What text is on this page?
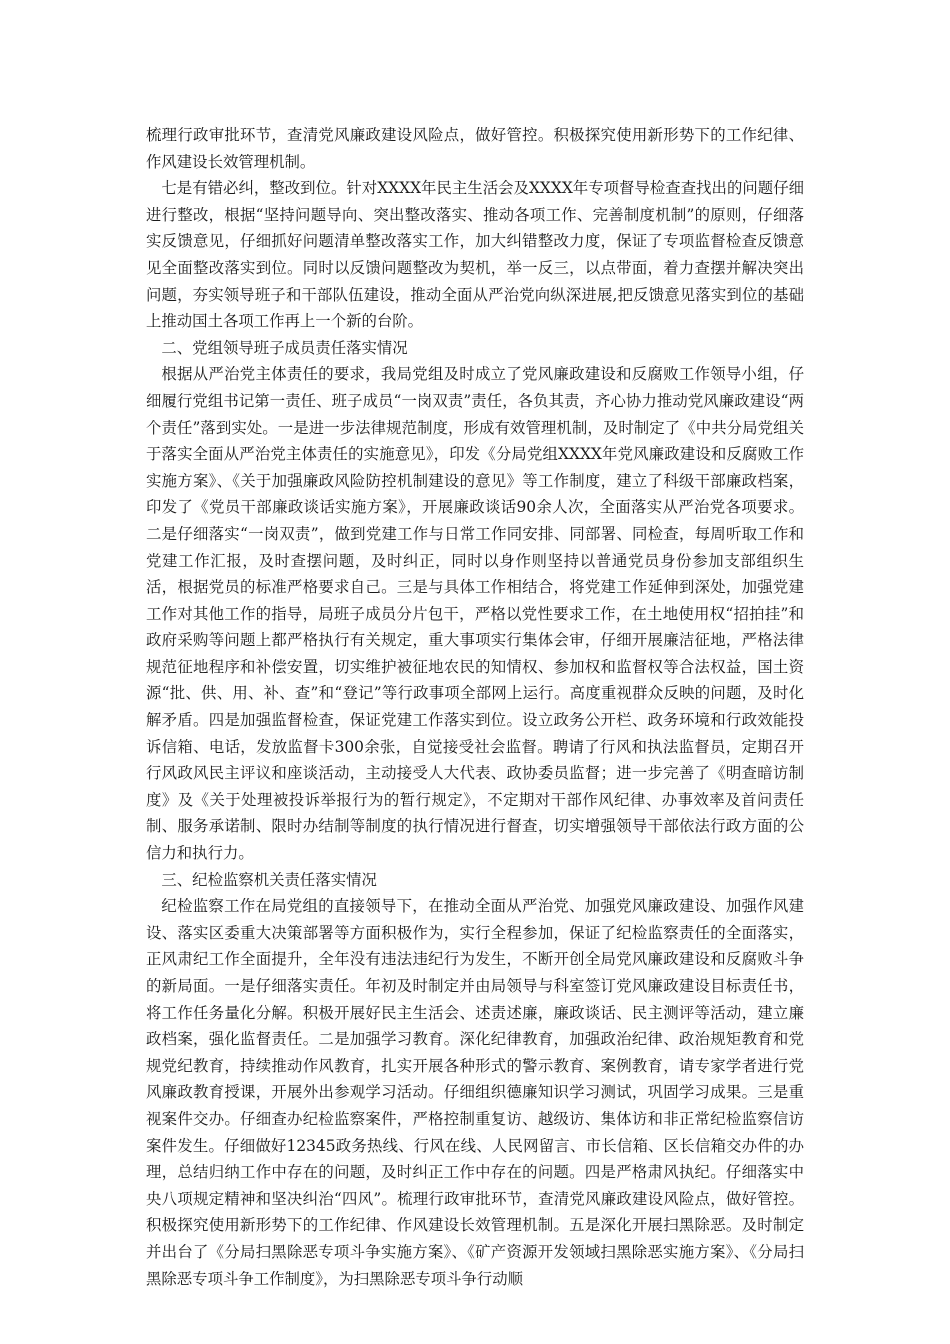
梳理行政审批环节，查清党风廉政建设风险点，做好管控。积极探究使用新形势下的工作纪律、作风建设长效管理机制。

七是有错必纠，整改到位。针对XXXX年民主生活会及XXXX年专项督导检查查找出的问题仔细进行整改，根据“坚持问题导向、突出整改落实、推动各项工作、完善制度机制”的原则，仔细落实反馈意见，仔细抓好问题清单整改落实工作，加大纠错整改力度，保证了专项监督检查反馈意见全面整改落实到位。同时以反馈问题整改为契机，举一反三，以点带面，着力查摆并解决突出问题，夯实领导班子和干部队伍建设，推动全面从严治党向纵深进展,把反馈意见落实到位的基础上推动国土各项工作再上一个新的台阶。

二、党组领导班子成员责任落实情况

根据从严治党主体责任的要求，我局党组及时成立了党风廉政建设和反腐败工作领导小组，仔细履行党组书记第一责任、班子成员“一岗双责”责任，各负其责，齐心协力推动党风廉政建设“两个责任”落到实处。一是进一步法律规范制度，形成有效管理机制，及时制定了《中共分局党组关于落实全面从严治党主体责任的实施意见》，印发《分局党组XXXX年党风廉政建设和反腐败工作实施方案》、《关于加强廉政风险防控机制建设的意见》等工作制度，建立了科级干部廉政档案，印发了《党员干部廉政谈话实施方案》，开展廉政谈话90余人次，全面落实从严治党各项要求。二是仔细落实“一岗双责”，做到党建工作与日常工作同安排、同部署、同检查，每周听取工作和党建工作汇报，及时查摆问题，及时纠正，同时以身作则坚持以普通党员身份参加支部组织生活，根据党员的标准严格要求自己。三是与具体工作相结合，将党建工作延伸到深处，加强党建工作对其他工作的指导，局班子成员分片包干，严格以党性要求工作，在土地使用权“招拍挂”和政府采购等问题上都严格执行有关规定，重大事项实行集体会审，仔细开展廉洁征地，严格法律规范征地程序和补偿安置，切实维护被征地农民的知情权、参加权和监督权等合法权益，国土资源“批、供、用、补、查”和“登记”等行政事项全部网上运行。高度重视群众反映的问题，及时化解矛盾。四是加强监督检查，保证党建工作落实到位。设立政务公开栏、政务环境和行政效能投诉信箱、电话，发放监督卡300余张，自觉接受社会监督。聘请了行风和执法监督员，定期召开行风政风民主评议和座谈活动，主动接受人大代表、政协委员监督；进一步完善了《明查暗访制度》及《关于处理被投诉举报行为的暂行规定》，不定期对干部作风纪律、办事效率及首问责任制、服务承诺制、限时办结制等制度的执行情况进行督查，切实增强领导干部依法行政方面的公信力和执行力。

三、纪检监察机关责任落实情况

纪检监察工作在局党组的直接领导下，在推动全面从严治党、加强党风廉政建设、加强作风建设、落实区委重大决策部署等方面积极作为，实行全程参加，保证了纪检监察责任的全面落实，正风肃纪工作全面提升，全年没有违法违纪行为发生，不断开创全局党风廉政建设和反腐败斗争的新局面。一是仔细落实责任。年初及时制定并由局领导与科室签订党风廉政建设目标责任书，将工作任务量化分解。积极开展好民主生活会、述责述廉，廉政谈话、民主测评等活动，建立廉政档案，强化监督责任。二是加强学习教育。深化纪律教育，加强政治纪律、政治规矩教育和党规党纪教育，持续推动作风教育，扎实开展各种形式的警示教育、案例教育，请专家学者进行党风廉政教育授课，开展外出参观学习活动。仔细组织德廉知识学习测试，巩固学习成果。三是重视案件交办。仔细查办纪检监察案件，严格控制重复访、越级访、集体访和非正常纪检监察信访案件发生。仔细做好12345政务热线、行风在线、人民网留言、市长信箱、区长信箱交办件的办理，总结归纳工作中存在的问题，及时纠正工作中存在的问题。四是严格肃风执纪。仔细落实中央八项规定精神和坚决纠治“四风”。梳理行政审批环节，查清党风廉政建设风险点，做好管控。积极探究使用新形势下的工作纪律、作风建设长效管理机制。五是深化开展扫黑除恶。及时制定并出台了《分局扫黑除恶专项斗争实施方案》、《矿产资源开发领域扫黑除恶实施方案》、《分局扫黑除恶专项斗争工作制度》，为扫黑除恶专项斗争行动顺
